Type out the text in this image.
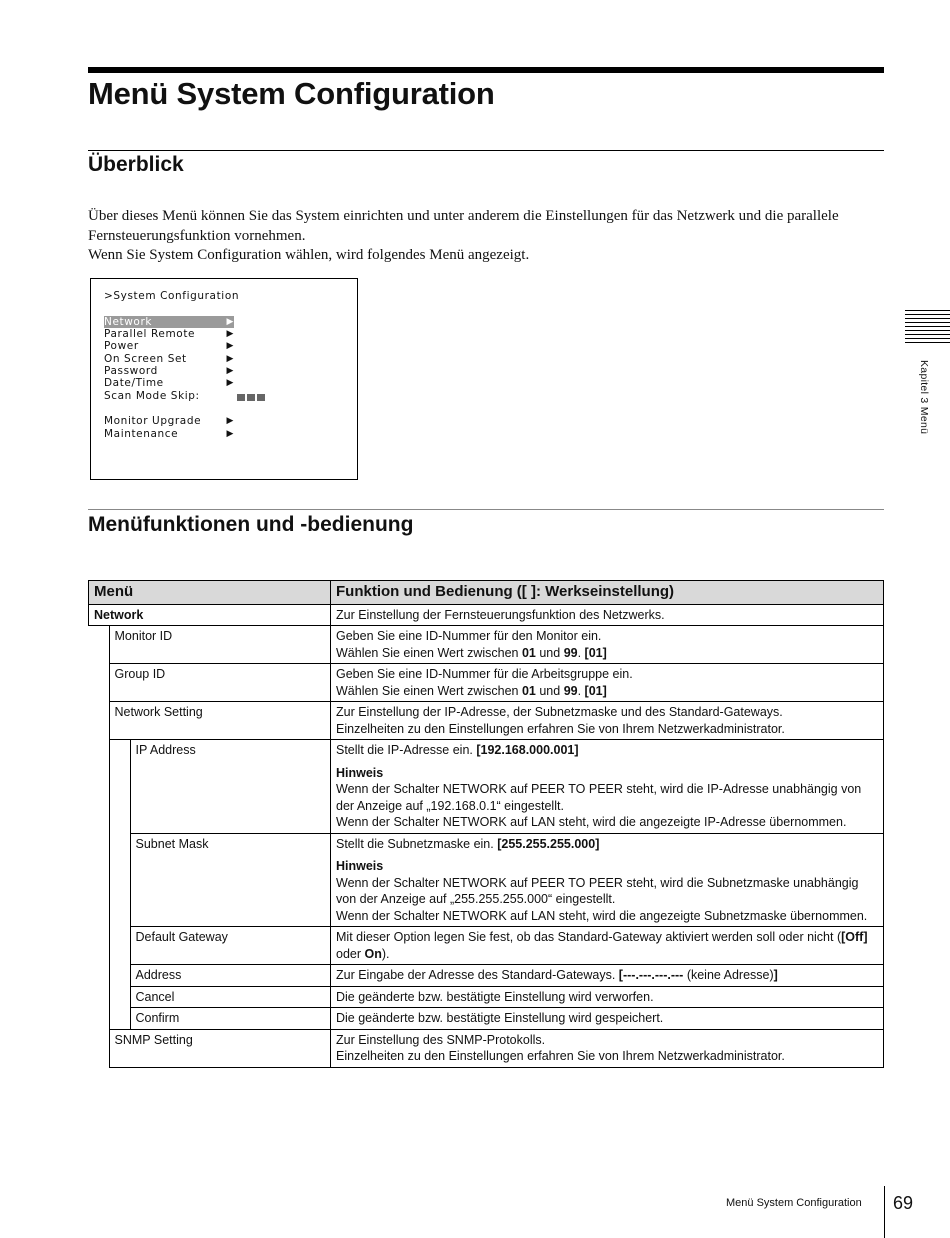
Menü System Configuration
Überblick

Über dieses Menü können Sie das System einrichten und unter anderem die Einstellungen für das Netzwerk und die parallele Fernsteuerungsfunktion vornehmen.

Wenn Sie System Configuration wählen, wird folgendes Menü angezeigt.

>System Configuration
Network	▶
Parallel Remote	▶
Power	▶
On Screen Set	▶
Password	▶
Date/Time	▶
Scan Mode Skip:
Monitor Upgrade	▶
Maintenance	▶	Kapitel 3 Menü
Menüfunktionen und -bedienung
Menü			Funktion und Bedienung ([ ]: Werkseinstellung)
Network			Zur Einstellung der Fernsteuerungsfunktion des Netzwerks.
	Monitor ID		Geben Sie eine ID-Nummer für den Monitor ein.
Wählen Sie einen Wert zwischen 01 und 99. [01]

	Group ID		Geben Sie eine ID-Nummer für die Arbeitsgruppe ein.
Wählen Sie einen Wert zwischen 01 und 99. [01]

	Network Setting		Zur Einstellung der IP-Adresse, der Subnetzmaske und des Standard-Gateways.
Einzelheiten zu den Einstellungen erfahren Sie von Ihrem Netzwerkadministrator.

		IP Address	Stellt die IP-Adresse ein. [192.168.000.001]
Hinweis
Wenn der Schalter NETWORK auf PEER TO PEER steht, wird die IP-Adresse unabhängig von der Anzeige auf „192.168.0.1“ eingestellt.
Wenn der Schalter NETWORK auf LAN steht, wird die angezeigte IP-Adresse übernommen.

		Subnet Mask	Stellt die Subnetzmaske ein. [255.255.255.000]
Hinweis
Wenn der Schalter NETWORK auf PEER TO PEER steht, wird die Subnetzmaske unabhängig von der Anzeige auf „255.255.255.000“ eingestellt.
Wenn der Schalter NETWORK auf LAN steht, wird die angezeigte Subnetzmaske übernommen.

		Default Gateway	Mit dieser Option legen Sie fest, ob das Standard-Gateway aktiviert werden soll oder nicht ([Off] oder On).
		Address	Zur Eingabe der Adresse des Standard-Gateways. [---.---.---.--- (keine Adresse)]
		Cancel	Die geänderte bzw. bestätigte Einstellung wird verworfen.
		Confirm	Die geänderte bzw. bestätigte Einstellung wird gespeichert.
	SNMP Setting		Zur Einstellung des SNMP-Protokolls.
Einzelheiten zu den Einstellungen erfahren Sie von Ihrem Netzwerkadministrator.
Menü System Configuration 69
